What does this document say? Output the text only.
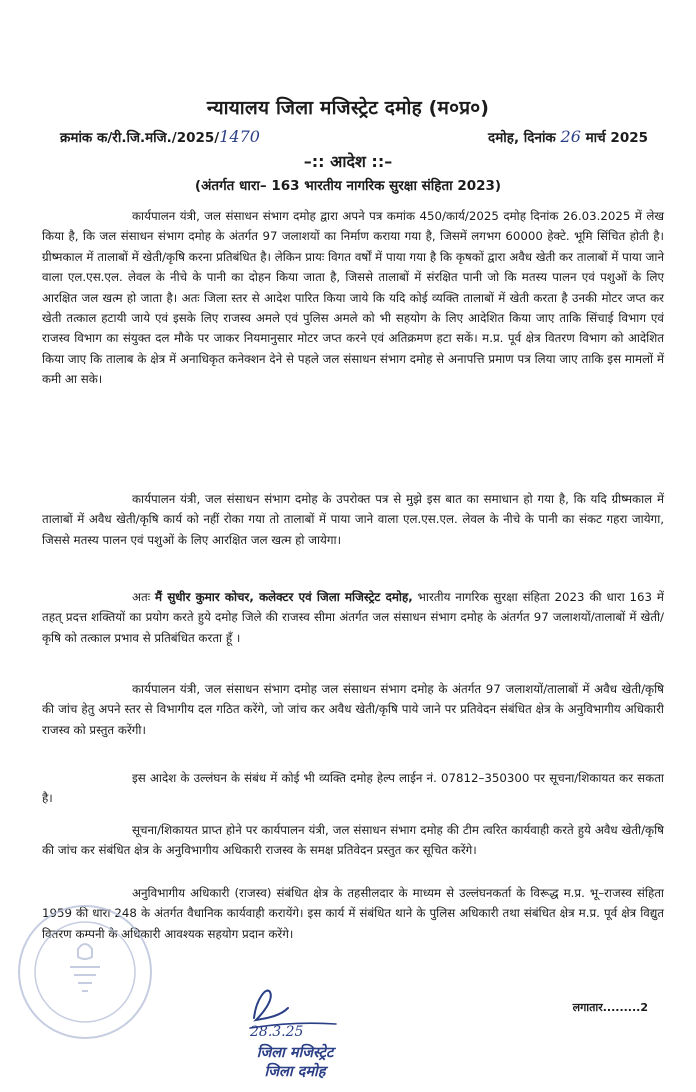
न्यायालय जिला मजिस्ट्रेट दमोह (म०प्र०)
क्रमांक क/री.जि.मजि./2025/1470	दमोह, दिनांक 26 मार्च 2025
–:: आदेश ::–
(अंतर्गत धारा– 163 भारतीय नागरिक सुरक्षा संहिता 2023)

कार्यपालन यंत्री, जल संसाधन संभाग दमोह द्वारा अपने पत्र कमांक 450/कार्य/2025 दमोह दिनांक 26.03.2025 में लेख किया है, कि जल संसाधन संभाग दमोह के अंतर्गत 97 जलाशयों का निर्माण कराया गया है, जिसमें लगभग 60000 हेक्टे. भूमि सिंचित होती है। ग्रीष्मकाल में तालाबों में खेती/कृषि करना प्रतिबंधित है। लेकिन प्रायः विगत वर्षों में पाया गया है कि कृषकों द्वारा अवैध खेती कर तालाबों में पाया जाने वाला एल.एस.एल. लेवल के नीचे के पानी का दोहन किया जाता है, जिससे तालाबों में संरक्षित पानी जो कि मतस्य पालन एवं पशुओं के लिए आरक्षित जल खत्म हो जाता है। अतः जिला स्तर से आदेश पारित किया जाये कि यदि कोई व्यक्ति तालाबों में खेती करता है उनकी मोटर जप्त कर खेती तत्काल हटायी जाये एवं इसके लिए राजस्व अमले एवं पुलिस अमले को भी सहयोग के लिए आदेशित किया जाए ताकि सिंचाई विभाग एवं राजस्व विभाग का संयुक्त दल मौके पर जाकर नियमानुसार मोटर जप्त करने एवं अतिक्रमण हटा सकें। म.प्र. पूर्व क्षेत्र वितरण विभाग को आदेशित किया जाए कि तालाब के क्षेत्र में अनाधिकृत कनेक्शन देने से पहले जल संसाधन संभाग दमोह से अनापत्ति प्रमाण पत्र लिया जाए ताकि इस मामलों में कमी आ सके।

कार्यपालन यंत्री, जल संसाधन संभाग दमोह के उपरोक्त पत्र से मुझे इस बात का समाधान हो गया है, कि यदि ग्रीष्मकाल में तालाबों में अवैध खेती/कृषि कार्य को नहीं रोका गया तो तालाबों में पाया जाने वाला एल.एस.एल. लेवल के नीचे के पानी का संकट गहरा जायेगा, जिससे मतस्य पालन एवं पशुओं के लिए आरक्षित जल खत्म हो जायेगा।

अतः मैं सुधीर कुमार कोचर, कलेक्टर एवं जिला मजिस्ट्रेट दमोह, भारतीय नागरिक सुरक्षा संहिता 2023 की धारा 163 में तहत् प्रदत्त शक्तियों का प्रयोग करते हुये दमोह जिले की राजस्व सीमा अंतर्गत जल संसाधन संभाग दमोह के अंतर्गत 97 जलाशयों/तालाबों में खेती/कृषि को तत्काल प्रभाव से प्रतिबंधित करता हूँ ।

कार्यपालन यंत्री, जल संसाधन संभाग दमोह जल संसाधन संभाग दमोह के अंतर्गत 97 जलाशयों/तालाबों में अवैध खेती/कृषि की जांच हेतु अपने स्तर से विभागीय दल गठित करेंगे, जो जांच कर अवैध खेती/कृषि पाये जाने पर प्रतिवेदन संबंधित क्षेत्र के अनुविभागीय अधिकारी राजस्व को प्रस्तुत करेंगी।

इस आदेश के उल्लंघन के संबंध में कोई भी व्यक्ति दमोह हेल्प लाईन नं. 07812–350300 पर सूचना/शिकायत कर सकता है।

सूचना/शिकायत प्राप्त होने पर कार्यपालन यंत्री, जल संसाधन संभाग दमोह की टीम त्वरित कार्यवाही करते हुये अवैध खेती/कृषि की जांच कर संबंधित क्षेत्र के अनुविभागीय अधिकारी राजस्व के समक्ष प्रतिवेदन प्रस्तुत कर सूचित करेंगे।

अनुविभागीय अधिकारी (राजस्व) संबंधित क्षेत्र के तहसीलदार के माध्यम से उल्लंघनकर्ता के विरूद्ध म.प्र. भू–राजस्व संहिता 1959 की धारा 248 के अंतर्गत वैधानिक कार्यवाही करायेंगे। इस कार्य में संबंधित थाने के पुलिस अधिकारी तथा संबंधित क्षेत्र म.प्र. पूर्व क्षेत्र विद्युत वितरण कम्पनी के अधिकारी आवश्यक सहयोग प्रदान करेंगे।

लगातार.........2
28.3.25
जिला मजिस्ट्रेट
जिला दमोह
